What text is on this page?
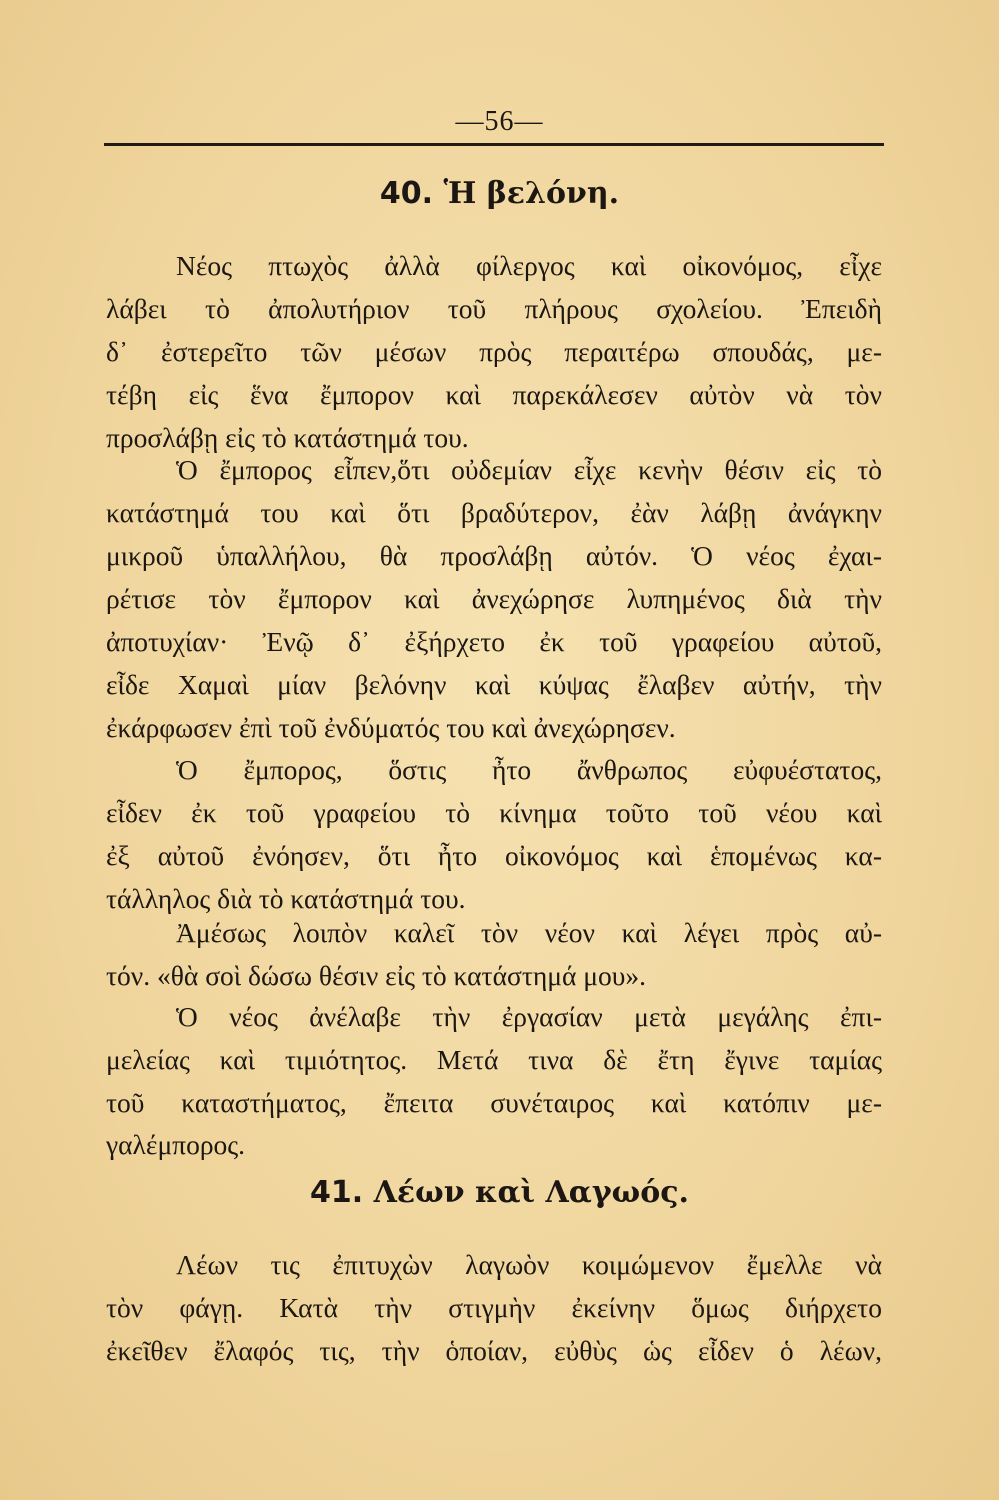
—56—
40. Ἡ βελόνη.
Νέος πτωχὸς ἀλλὰ φίλεργος καὶ οἰκονόμος, εἶχε
λάβει τὸ ἀπολυτήριον τοῦ πλήρους σχολείου. Ἐπειδὴ
δ᾿ ἐστερεῖτο τῶν μέσων πρὸς περαιτέρω σπουδάς, με-
τέβη εἰς ἕνα ἔμπορον καὶ παρεκάλεσεν αὐτὸν νὰ τὸν
προσλάβῃ εἰς τὸ κατάστημά του.
Ὁ ἔμπορος εἶπεν,ὅτι οὐδεμίαν εἶχε κενὴν θέσιν εἰς τὸ
κατάστημά του καὶ ὅτι βραδύτερον, ἐὰν λάβῃ ἀνάγκην
μικροῦ ὑπαλλήλου, θὰ προσλάβῃ αὐτόν. Ὁ νέος ἐχαι-
ρέτισε τὸν ἔμπορον καὶ ἀνεχώρησε λυπημένος διὰ τὴν
ἀποτυχίαν· Ἐνῷ δ᾿ ἐξήρχετο ἐκ τοῦ γραφείου αὐτοῦ,
εἶδε Χαμαὶ μίαν βελόνην καὶ κύψας ἔλαβεν αὐτήν, τὴν
ἐκάρφωσεν ἐπὶ τοῦ ἐνδύματός του καὶ ἀνεχώρησεν.
Ὁ ἔμπορος, ὅστις ἦτο ἄνθρωπος εὐφυέστατος,
εἶδεν ἐκ τοῦ γραφείου τὸ κίνημα τοῦτο τοῦ νέου καὶ
ἐξ αὐτοῦ ἐνόησεν, ὅτι ἦτο οἰκονόμος καὶ ἑπομένως κα-
τάλληλος διὰ τὸ κατάστημά του.
Ἀμέσως λοιπὸν καλεῖ τὸν νέον καὶ λέγει πρὸς αὐ-
τόν. «θὰ σοὶ δώσω θέσιν εἰς τὸ κατάστημά μου».
Ὁ νέος ἀνέλαβε τὴν ἐργασίαν μετὰ μεγάλης ἐπι-
μελείας καὶ τιμιότητος. Μετά τινα δὲ ἔτη ἔγινε ταμίας
τοῦ καταστήματος, ἔπειτα συνέταιρος καὶ κατόπιν με-
γαλέμπορος.
41. Λέων καὶ Λαγωός.
Λέων τις ἐπιτυχὼν λαγωὸν κοιμώμενον ἔμελλε νὰ
τὸν φάγῃ. Κατὰ τὴν στιγμὴν ἐκείνην ὅμως διήρχετο
ἐκεῖθεν ἔλαφός τις, τὴν ὁποίαν, εὐθὺς ὡς εἶδεν ὁ λέων,
